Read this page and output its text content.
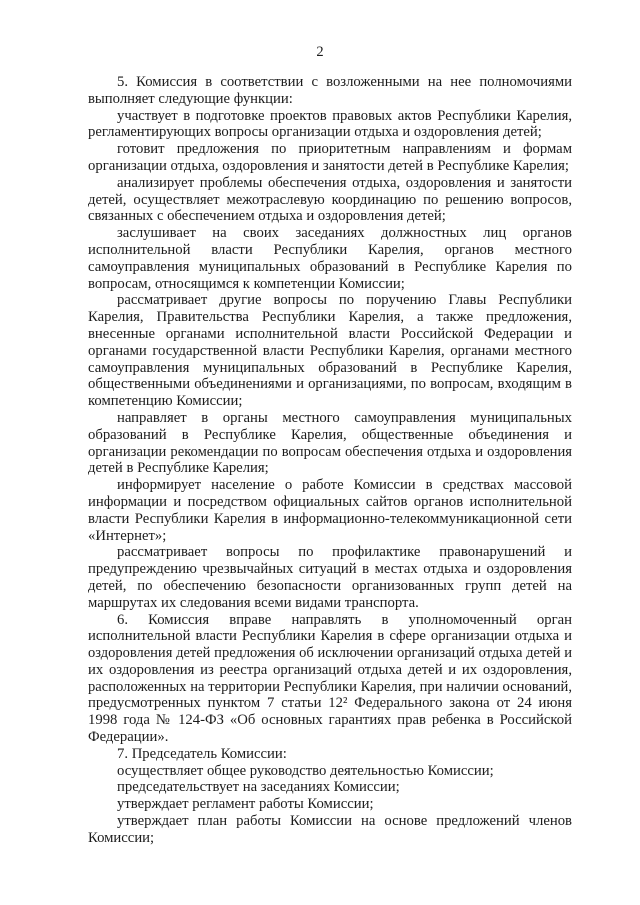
2
5. Комиссия в соответствии с возложенными на нее полномочиями
выполняет следующие функции:
участвует в подготовке проектов правовых актов Республики Карелия,
регламентирующих вопросы организации отдыха и оздоровления детей;
готовит предложения по приоритетным направлениям и формам
организации отдыха, оздоровления и занятости детей в Республике Карелия;
анализирует проблемы обеспечения отдыха, оздоровления и занятости
детей, осуществляет межотраслевую координацию по решению вопросов,
связанных с обеспечением отдыха и оздоровления детей;
заслушивает на своих заседаниях должностных лиц органов
исполнительной власти Республики Карелия, органов местного
самоуправления муниципальных образований в Республике Карелия по
вопросам, относящимся к компетенции Комиссии;
рассматривает другие вопросы по поручению Главы Республики
Карелия, Правительства Республики Карелия, а также предложения,
внесенные органами исполнительной власти Российской Федерации и
органами государственной власти Республики Карелия, органами местного
самоуправления муниципальных образований в Республике Карелия,
общественными объединениями и организациями, по вопросам, входящим в
компетенцию Комиссии;
направляет в органы местного самоуправления муниципальных
образований в Республике Карелия, общественные объединения и
организации рекомендации по вопросам обеспечения отдыха и оздоровления
детей в Республике Карелия;
информирует население о работе Комиссии в средствах массовой
информации и посредством официальных сайтов органов исполнительной
власти Республики Карелия в информационно-телекоммуникационной сети
«Интернет»;
рассматривает вопросы по профилактике правонарушений и
предупреждению чрезвычайных ситуаций в местах отдыха и оздоровления
детей, по обеспечению безопасности организованных групп детей на
маршрутах их следования всеми видами транспорта.
6. Комиссия вправе направлять в уполномоченный орган
исполнительной власти Республики Карелия в сфере организации отдыха и
оздоровления детей предложения об исключении организаций отдыха детей и
их оздоровления из реестра организаций отдыха детей и их оздоровления,
расположенных на территории Республики Карелия, при наличии оснований,
предусмотренных пунктом 7 статьи 12² Федерального закона от 24 июня
1998 года № 124-ФЗ «Об основных гарантиях прав ребенка в Российской
Федерации».
7. Председатель Комиссии:
осуществляет общее руководство деятельностью Комиссии;
председательствует на заседаниях Комиссии;
утверждает регламент работы Комиссии;
утверждает план работы Комиссии на основе предложений членов
Комиссии;
